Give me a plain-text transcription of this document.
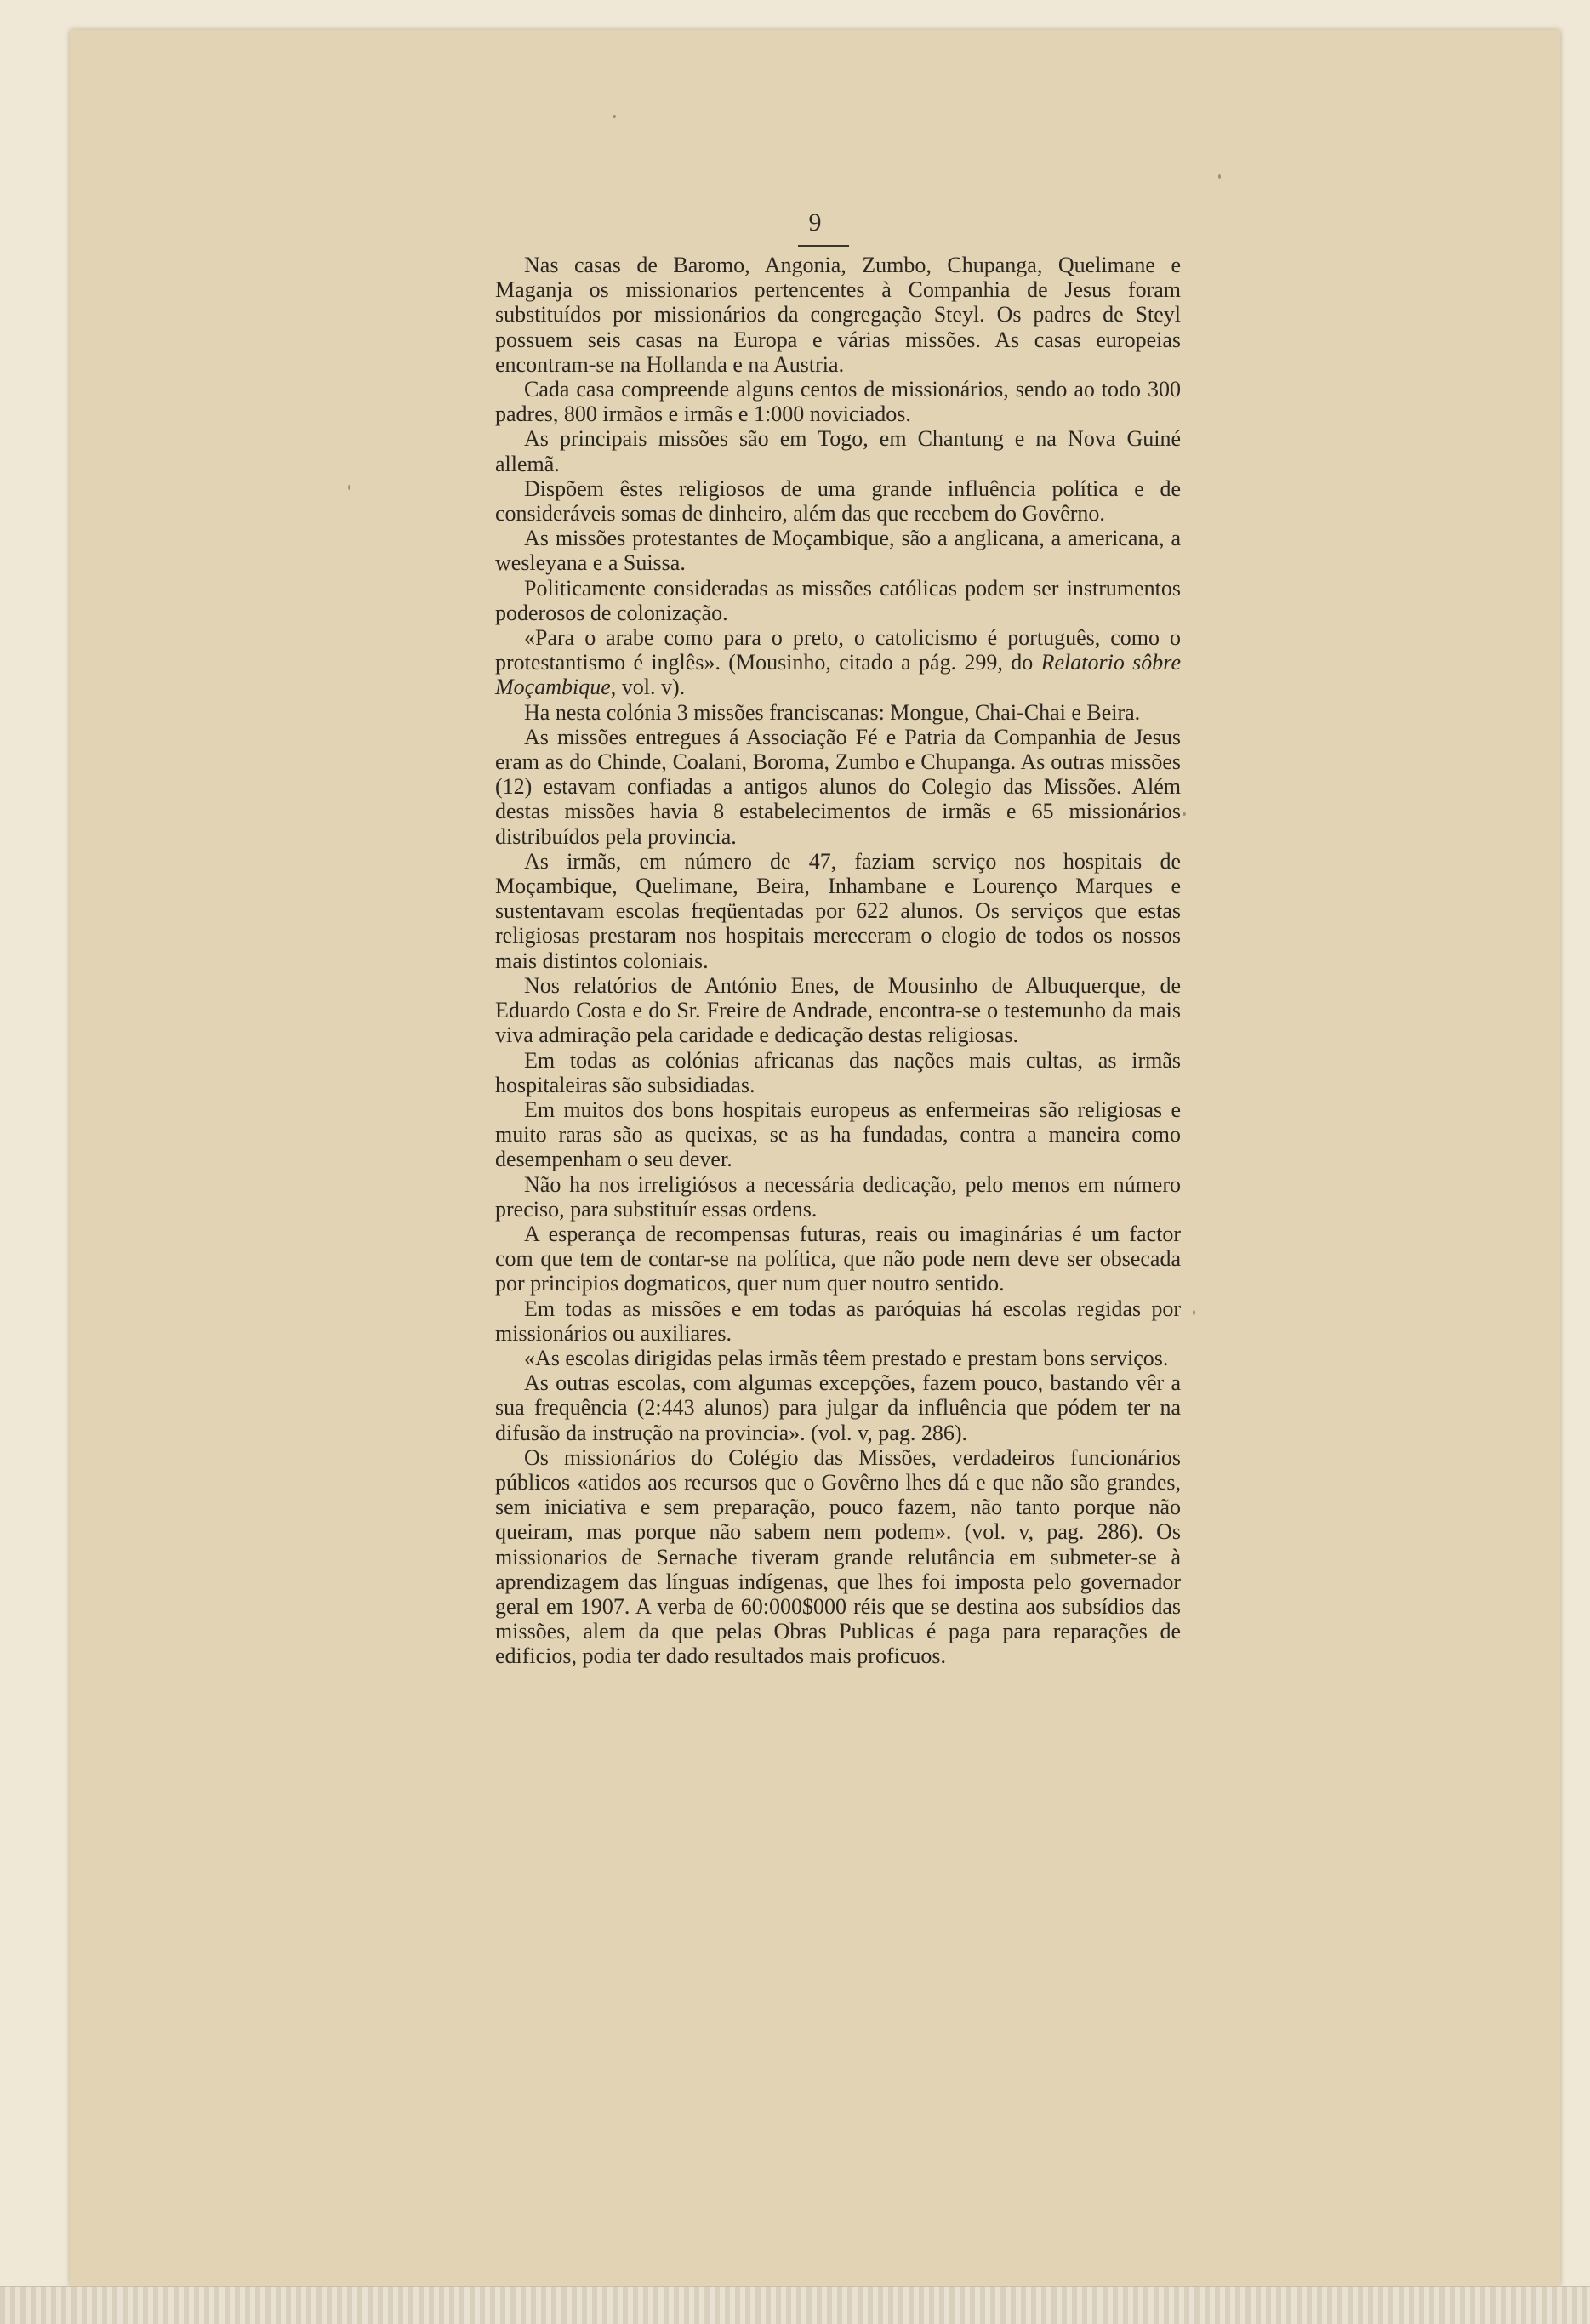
9

Nas casas de Baromo, Angonia, Zumbo, Chupanga, Quelimane e Maganja os missionarios pertencentes à Companhia de Jesus foram substituídos por missionários da congregação Steyl. Os padres de Steyl possuem seis casas na Europa e várias missões. As casas europeias encontram-se na Hollanda e na Austria.

Cada casa compreende alguns centos de missionários, sendo ao todo 300 padres, 800 irmãos e irmãs e 1:000 noviciados.

As principais missões são em Togo, em Chantung e na Nova Guiné allemã.

Dispõem êstes religiosos de uma grande influência política e de consideráveis somas de dinheiro, além das que recebem do Govêrno.

As missões protestantes de Moçambique, são a anglicana, a americana, a wesleyana e a Suissa.

Politicamente consideradas as missões católicas podem ser instrumentos poderosos de colonização.

«Para o arabe como para o preto, o catolicismo é português, como o protestantismo é inglês». (Mousinho, citado a pág. 299, do Relatorio sôbre Moçambique, vol. v).

Ha nesta colónia 3 missões franciscanas: Mongue, Chai-Chai e Beira.

As missões entregues á Associação Fé e Patria da Companhia de Jesus eram as do Chinde, Coalani, Boroma, Zumbo e Chupanga. As outras missões (12) estavam confiadas a antigos alunos do Colegio das Missões. Além destas missões havia 8 estabelecimentos de irmãs e 65 missionários distribuídos pela provincia.

As irmãs, em número de 47, faziam serviço nos hospitais de Moçambique, Quelimane, Beira, Inhambane e Lourenço Marques e sustentavam escolas freqüentadas por 622 alunos. Os serviços que estas religiosas prestaram nos hospitais mereceram o elogio de todos os nossos mais distintos coloniais.

Nos relatórios de António Enes, de Mousinho de Albuquerque, de Eduardo Costa e do Sr. Freire de Andrade, encontra-se o testemunho da mais viva admiração pela caridade e dedicação destas religiosas.

Em todas as colónias africanas das nações mais cultas, as irmãs hospitaleiras são subsidiadas.

Em muitos dos bons hospitais europeus as enfermeiras são religiosas e muito raras são as queixas, se as ha fundadas, contra a maneira como desempenham o seu dever.

Não ha nos irreligiósos a necessária dedicação, pelo menos em número preciso, para substituír essas ordens.

A esperança de recompensas futuras, reais ou imaginárias é um factor com que tem de contar-se na política, que não pode nem deve ser obsecada por principios dogmaticos, quer num quer noutro sentido.

Em todas as missões e em todas as paróquias há escolas regidas por missionários ou auxiliares.

«As escolas dirigidas pelas irmãs têem prestado e prestam bons serviços.

As outras escolas, com algumas excepções, fazem pouco, bastando vêr a sua frequência (2:443 alunos) para julgar da influência que pódem ter na difusão da instrução na provincia». (vol. v, pag. 286).

Os missionários do Colégio das Missões, verdadeiros funcionários públicos «atidos aos recursos que o Govêrno lhes dá e que não são grandes, sem iniciativa e sem preparação, pouco fazem, não tanto porque não queiram, mas porque não sabem nem podem». (vol. v, pag. 286). Os missionarios de Sernache tiveram grande relutância em submeter-se à aprendizagem das línguas indígenas, que lhes foi imposta pelo governador geral em 1907. A verba de 60:000$000 réis que se destina aos subsídios das missões, alem da que pelas Obras Publicas é paga para reparações de edificios, podia ter dado resultados mais proficuos.
